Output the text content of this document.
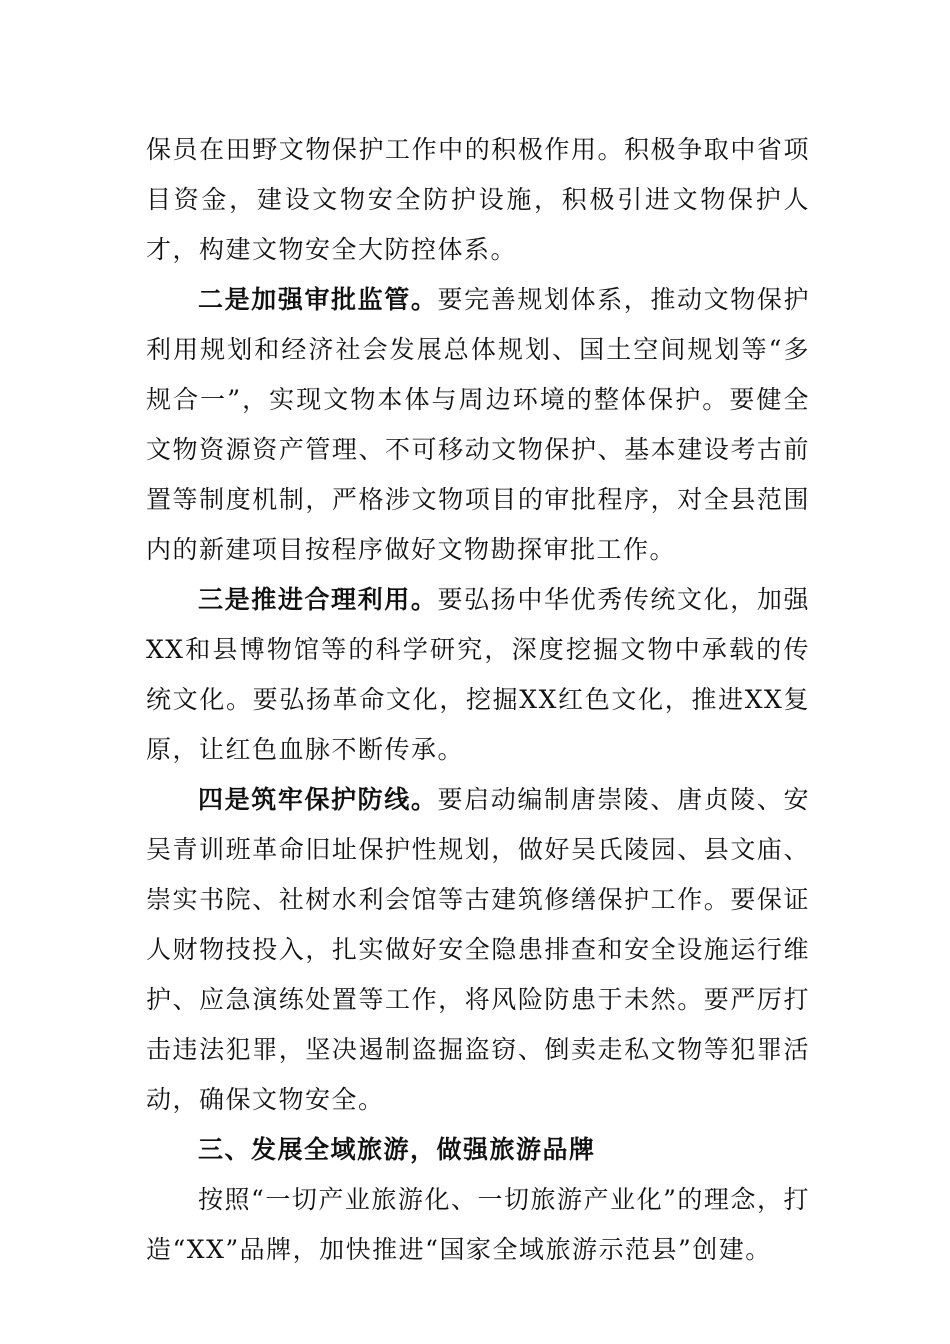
保员在田野文物保护工作中的积极作用。积极争取中省项目资金，建设文物安全防护设施，积极引进文物保护人才，构建文物安全大防控体系。

二是加强审批监管。要完善规划体系，推动文物保护利用规划和经济社会发展总体规划、国土空间规划等“多规合一”，实现文物本体与周边环境的整体保护。要健全文物资源资产管理、不可移动文物保护、基本建设考古前置等制度机制，严格涉文物项目的审批程序，对全县范围内的新建项目按程序做好文物勘探审批工作。

三是推进合理利用。要弘扬中华优秀传统文化，加强XX和县博物馆等的科学研究，深度挖掘文物中承载的传统文化。要弘扬革命文化，挖掘XX红色文化，推进XX复原，让红色血脉不断传承。

四是筑牢保护防线。要启动编制唐崇陵、唐贞陵、安吴青训班革命旧址保护性规划，做好吴氏陵园、县文庙、崇实书院、社树水利会馆等古建筑修缮保护工作。要保证人财物技投入，扎实做好安全隐患排查和安全设施运行维护、应急演练处置等工作，将风险防患于未然。要严厉打击违法犯罪，坚决遏制盗掘盗窃、倒卖走私文物等犯罪活动，确保文物安全。

三、发展全域旅游，做强旅游品牌

按照“一切产业旅游化、一切旅游产业化”的理念，打造“XX”品牌，加快推进“国家全域旅游示范县”创建。
